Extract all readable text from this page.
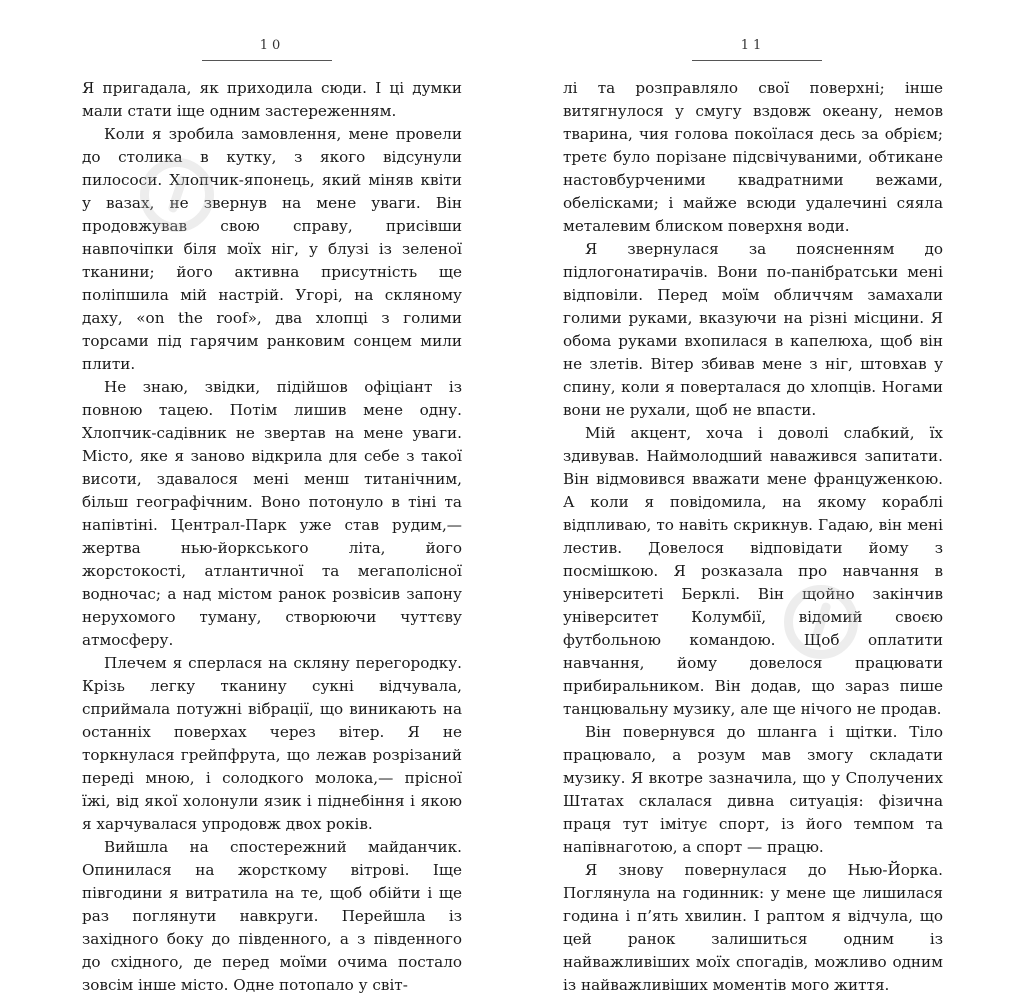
10

Я пригадала, як приходила сюди. І ці думки мали стати іще одним застереженням.

Коли я зробила замовлення, мене провели до столика в кутку, з якого відсунули пилососи. Хлопчик-японець, який міняв квіти у вазах, не звернув на мене уваги. Він продовжував свою справу, присівши навпочіпки біля моїх ніг, у блузі із зеленої тканини; його активна присутність ще поліпшила мій настрій. Угорі, на скляному даху, «on the roof», два хлопці з голими торсами під гарячим ранковим сонцем мили плити.

Не знаю, звідки, підійшов офіціант із повною тацею. Потім лишив мене одну. Хлопчик-садівник не звертав на мене уваги. Місто, яке я заново відкрила для себе з такої висоти, здавалося мені менш титанічним, більш географічним. Воно потонуло в тіні та напівтіні. Централ-Парк уже став рудим,— жертва нью-йоркського літа, його жорстокості, атлантичної та мегаполісної водночас; а над містом ранок розвісив запону нерухомого туману, створюючи чуттєву атмосферу.

Плечем я сперлася на скляну перегородку. Крізь легку тканину сукні відчувала, сприймала потужні вібрації, що виникають на останніх поверхах через вітер. Я не торкнулася грейпфрута, що лежав розрізаний переді мною, і солодкого молока,— прісної їжі, від якої холонули язик і піднебіння і якою я харчувалася упродовж двох років.

Вийшла на спостережний майданчик. Опинилася на жорсткому вітрові. Іще півгодини я витратила на те, щоб обійти і ще раз поглянути навкруги. Перейшла із західного боку до південного, а з південного до східного, де перед моїми очима постало зовсім інше місто. Одне потопало у світ-

11

лі та розправляло свої поверхні; інше витягнулося у смугу вздовж океану, немов тварина, чия голова покоїлася десь за обрієм; третє було порізане підсвічуваними, обтикане настовбурченими квадратними вежами, обелісками; і майже всюди удалечині сяяла металевим блиском поверхня води.

Я звернулася за поясненням до підлогонатирачів. Вони по-панібратськи мені відповіли. Перед моїм обличчям замахали голими руками, вказуючи на різні місцини. Я обома руками вхопилася в капелюха, щоб він не злетів. Вітер збивав мене з ніг, штовхав у спину, коли я поверталася до хлопців. Ногами вони не рухали, щоб не впасти.

Мій акцент, хоча і доволі слабкий, їх здивував. Наймолодший наважився запитати. Він відмовився вважати мене француженкою. А коли я повідомила, на якому кораблі відпливаю, то навіть скрикнув. Гадаю, він мені лестив. Довелося відповідати йому з посмішкою. Я розказала про навчання в університеті Берклі. Він щойно закінчив університет Колумбії, відомий своєю футбольною командою. Щоб оплатити навчання, йому довелося працювати прибиральником. Він додав, що зараз пише танцювальну музику, але ще нічого не продав.

Він повернувся до шланга і щітки. Тіло працювало, а розум мав змогу складати музику. Я вкотре зазначила, що у Сполучених Штатах склалася дивна ситуація: фізична праця тут імітує спорт, із його темпом та напівнаготою, а спорт — працю.

Я знову повернулася до Нью-Йорка. Поглянула на годинник: у мене ще лишилася година і п’ять хвилин. І раптом я відчула, що цей ранок залишиться одним із найважливіших моїх спогадів, можливо одним із найважливіших моментів мого життя.
